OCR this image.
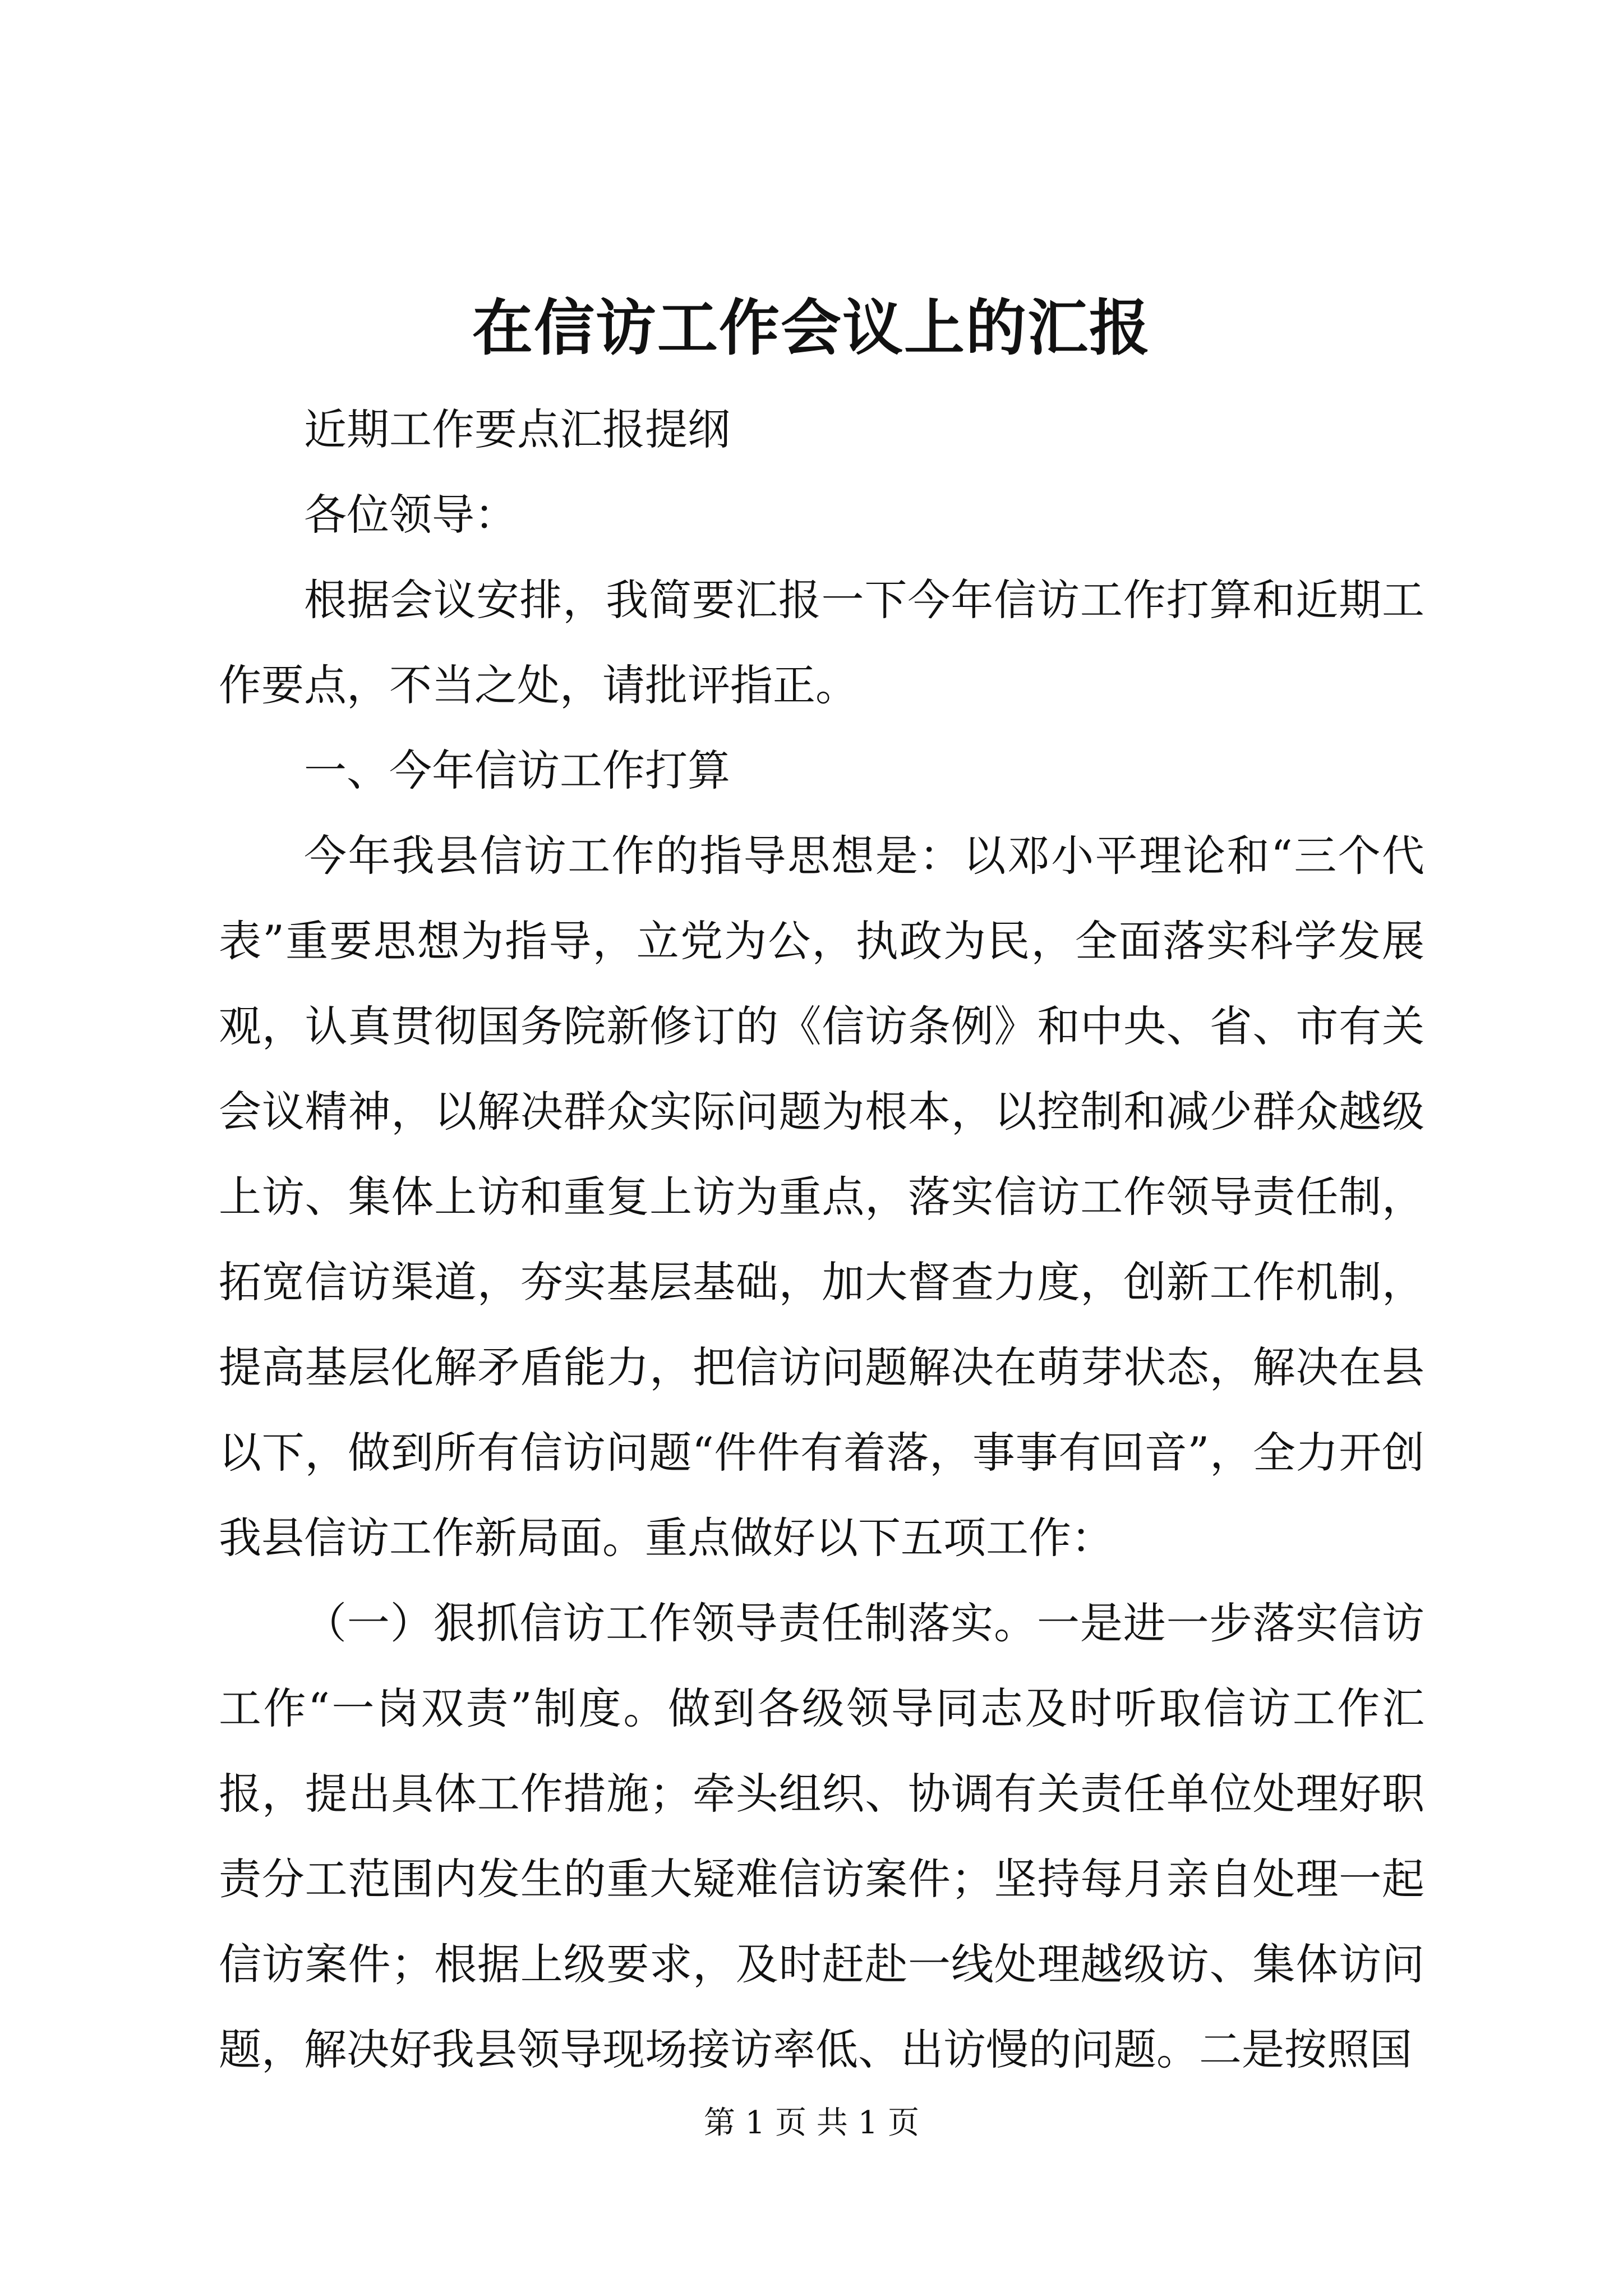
在信访工作会议上的汇报

近期工作要点汇报提纲

各位领导：

根据会议安排，我简要汇报一下今年信访工作打算和近期工作要点，不当之处，请批评指正。

一、今年信访工作打算

今年我县信访工作的指导思想是：以邓小平理论和“三个代表”重要思想为指导，立党为公，执政为民，全面落实科学发展观，认真贯彻国务院新修订的《信访条例》和中央、省、市有关会议精神，以解决群众实际问题为根本，以控制和减少群众越级上访、集体上访和重复上访为重点，落实信访工作领导责任制，拓宽信访渠道，夯实基层基础，加大督查力度，创新工作机制，提高基层化解矛盾能力，把信访问题解决在萌芽状态，解决在县以下，做到所有信访问题“件件有着落，事事有回音”，全力开创我县信访工作新局面。重点做好以下五项工作：

（一）狠抓信访工作领导责任制落实。一是进一步落实信访工作“一岗双责”制度。做到各级领导同志及时听取信访工作汇报，提出具体工作措施；牵头组织、协调有关责任单位处理好职责分工范围内发生的重大疑难信访案件；坚持每月亲自处理一起信访案件；根据上级要求，及时赶赴一线处理越级访、集体访问题，解决好我县领导现场接访率低、出访慢的问题。二是按照国

第 1 页 共 1 页
